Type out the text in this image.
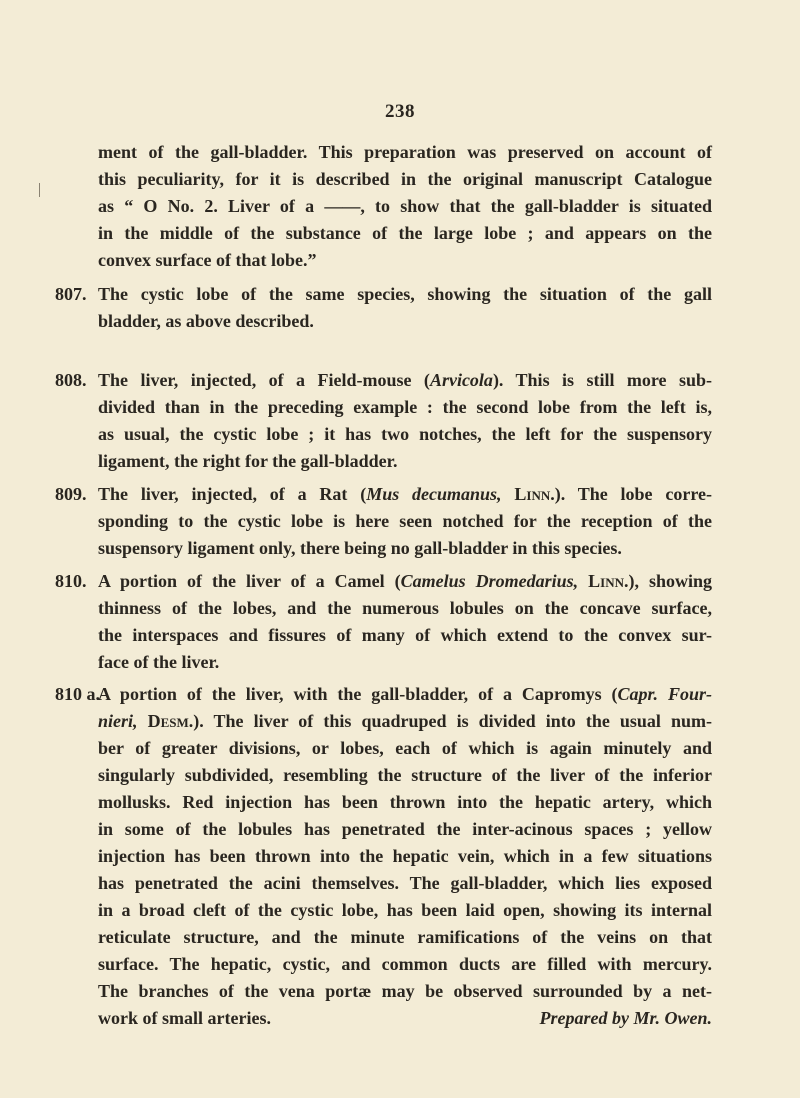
238
ment of the gall-bladder. This preparation was preserved on account of
this peculiarity, for it is described in the original manuscript Catalogue
as “ O No. 2. Liver of a ——, to show that the gall-bladder is situated
in the middle of the substance of the large lobe ; and appears on the
convex surface of that lobe.”
807. The cystic lobe of the same species, showing the situation of the gall
bladder, as above described.
808. The liver, injected, of a Field-mouse (Arvicola). This is still more sub-
divided than in the preceding example : the second lobe from the left is,
as usual, the cystic lobe ; it has two notches, the left for the suspensory
ligament, the right for the gall-bladder.
809. The liver, injected, of a Rat (Mus decumanus, Linn.). The lobe corre-
sponding to the cystic lobe is here seen notched for the reception of the
suspensory ligament only, there being no gall-bladder in this species.
810. A portion of the liver of a Camel (Camelus Dromedarius, Linn.), showing
thinness of the lobes, and the numerous lobules on the concave surface,
the interspaces and fissures of many of which extend to the convex sur-
face of the liver.
810 a.
A portion of the liver, with the gall-bladder, of a Capromys (Capr. Four-
nieri, Desm.). The liver of this quadruped is divided into the usual num-
ber of greater divisions, or lobes, each of which is again minutely and
singularly subdivided, resembling the structure of the liver of the inferior
mollusks. Red injection has been thrown into the hepatic artery, which
in some of the lobules has penetrated the inter-acinous spaces ; yellow
injection has been thrown into the hepatic vein, which in a few situations
has penetrated the acini themselves. The gall-bladder, which lies exposed
in a broad cleft of the cystic lobe, has been laid open, showing its internal
reticulate structure, and the minute ramifications of the veins on that
surface. The hepatic, cystic, and common ducts are filled with mercury.
The branches of the vena portæ may be observed surrounded by a net-
work of small arteries.	Prepared by Mr. Owen.
